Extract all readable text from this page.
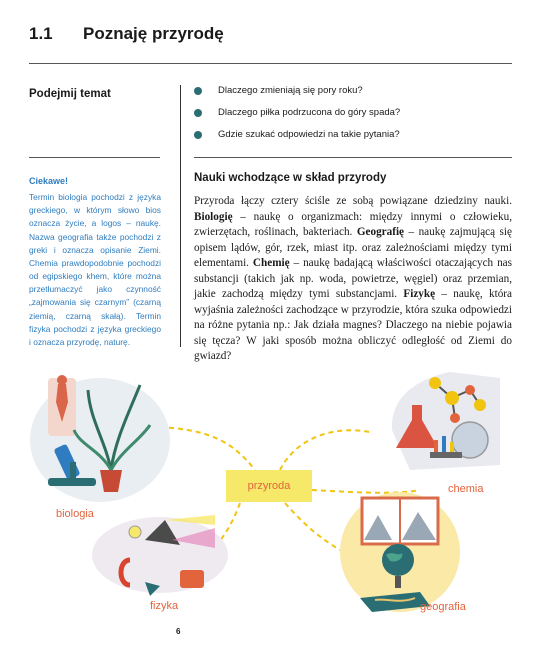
1.1 Poznaję przyrodę
Podejmij temat	Dlaczego zmieniają się pory roku?
Dlaczego piłka podrzucona do góry spada?
Gdzie szukać odpowiedzi na takie pytania?
Ciekawe!

Termin biologia pochodzi z języka greckiego, w którym słowo bios oznacza życie, a logos – naukę. Nazwa geografia także pochodzi z greki i oznacza opisanie Ziemi. Chemia prawdopodobnie pochodzi od egipskiego khem, które można przetłumaczyć jako czynność „zajmowania się czarnym” (czarną ziemią, czarną skałą). Termin fizyka pochodzi z języka greckiego i oznacza przyrodę, naturę.

Nauki wchodzące w skład przyrody
Przyroda łączy cztery ściśle ze sobą powiązane dziedziny nauki. Biologię – naukę o organizmach: między innymi o człowieku, zwierzętach, roślinach, bakteriach. Geografię – naukę zajmującą się opisem lądów, gór, rzek, miast itp. oraz zależnościami między tymi elementami. Chemię – naukę badającą właściwości otaczających nas substancji (takich jak np. woda, powietrze, węgiel) oraz przemian, jakie zachodzą między tymi substancjami. Fizykę – naukę, która wyjaśnia zależności zachodzące w przyrodzie, która szuka odpowiedzi na różne pytania np.: Jak działa magnes? Dlaczego na niebie pojawia się tęcza? W jaki sposób można obliczyć odległość od Ziemi do gwiazd?
przyroda
biologia
chemia
fizyka	geografia
6
